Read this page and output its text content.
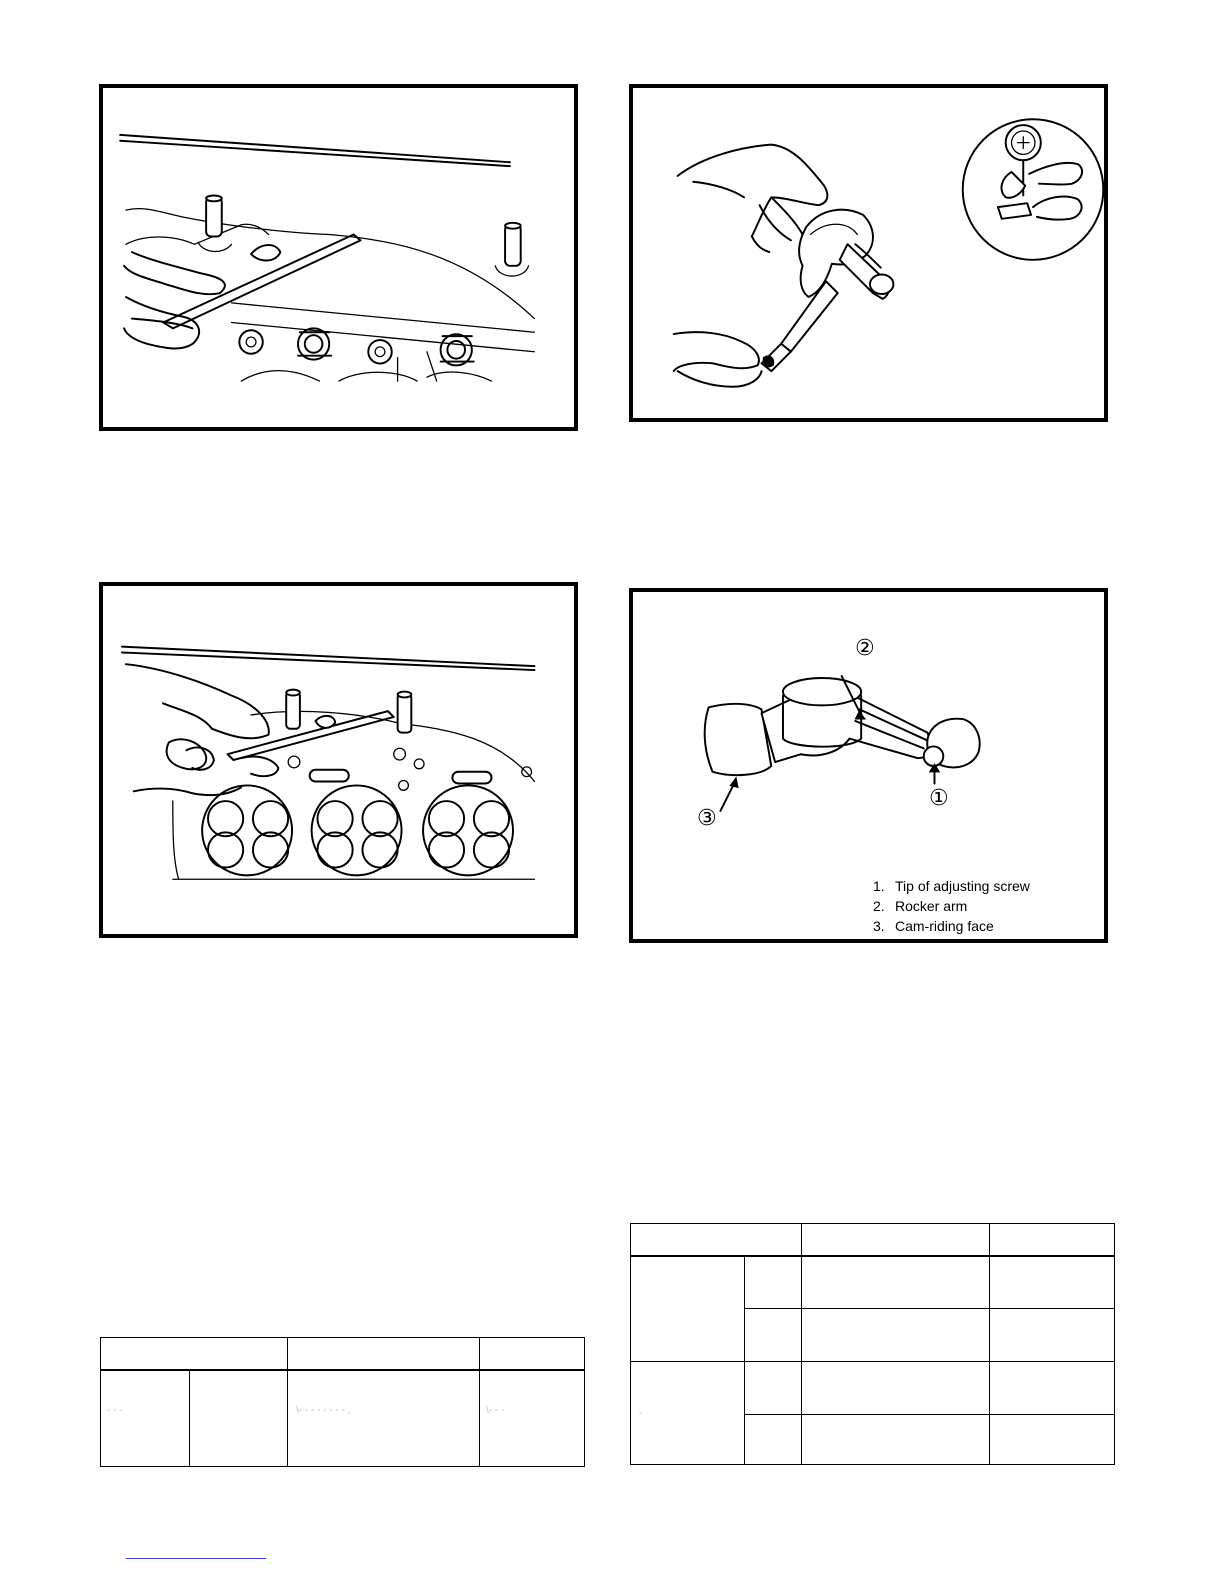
①
②
③
1. Tip of adjusting screw
2. Rocker arm
3. Cam-riding face

- - -		\- - - - - - - - ,	\- - -

			-			
